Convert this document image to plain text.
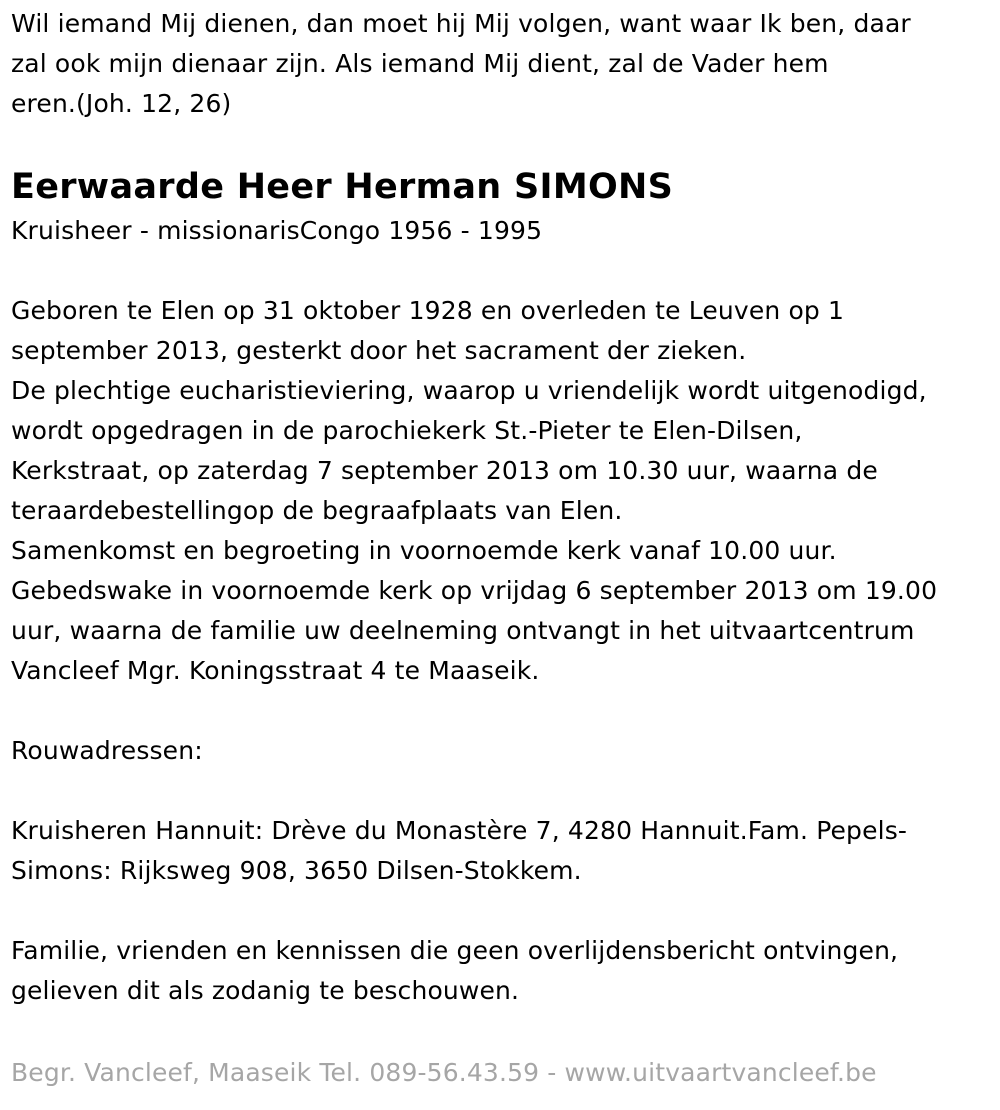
Wil iemand Mij dienen, dan moet hij Mij volgen, want waar Ik ben, daar

zal ook mijn dienaar zijn. Als iemand Mij dient, zal de Vader hem

eren.(Joh. 12, 26)

Eerwaarde Heer Herman SIMONS

Kruisheer - missionarisCongo 1956 - 1995

Geboren te Elen op 31 oktober 1928 en overleden te Leuven op 1

september 2013, gesterkt door het sacrament der zieken.

De plechtige eucharistieviering, waarop u vriendelijk wordt uitgenodigd,

wordt opgedragen in de parochiekerk St.-Pieter te Elen-Dilsen,

Kerkstraat, op zaterdag 7 september 2013 om 10.30 uur, waarna de

teraardebestellingop de begraafplaats van Elen.

Samenkomst en begroeting in voornoemde kerk vanaf 10.00 uur.

Gebedswake in voornoemde kerk op vrijdag 6 september 2013 om 19.00

uur, waarna de familie uw deelneming ontvangt in het uitvaartcentrum

Vancleef Mgr. Koningsstraat 4 te Maaseik.

Rouwadressen:

Kruisheren Hannuit: Drève du Monastère 7, 4280 Hannuit.Fam. Pepels-

Simons: Rijksweg 908, 3650 Dilsen-Stokkem.

Familie, vrienden en kennissen die geen overlijdensbericht ontvingen,

gelieven dit als zodanig te beschouwen.

Begr. Vancleef, Maaseik Tel. 089-56.43.59 - www.uitvaartvancleef.be
